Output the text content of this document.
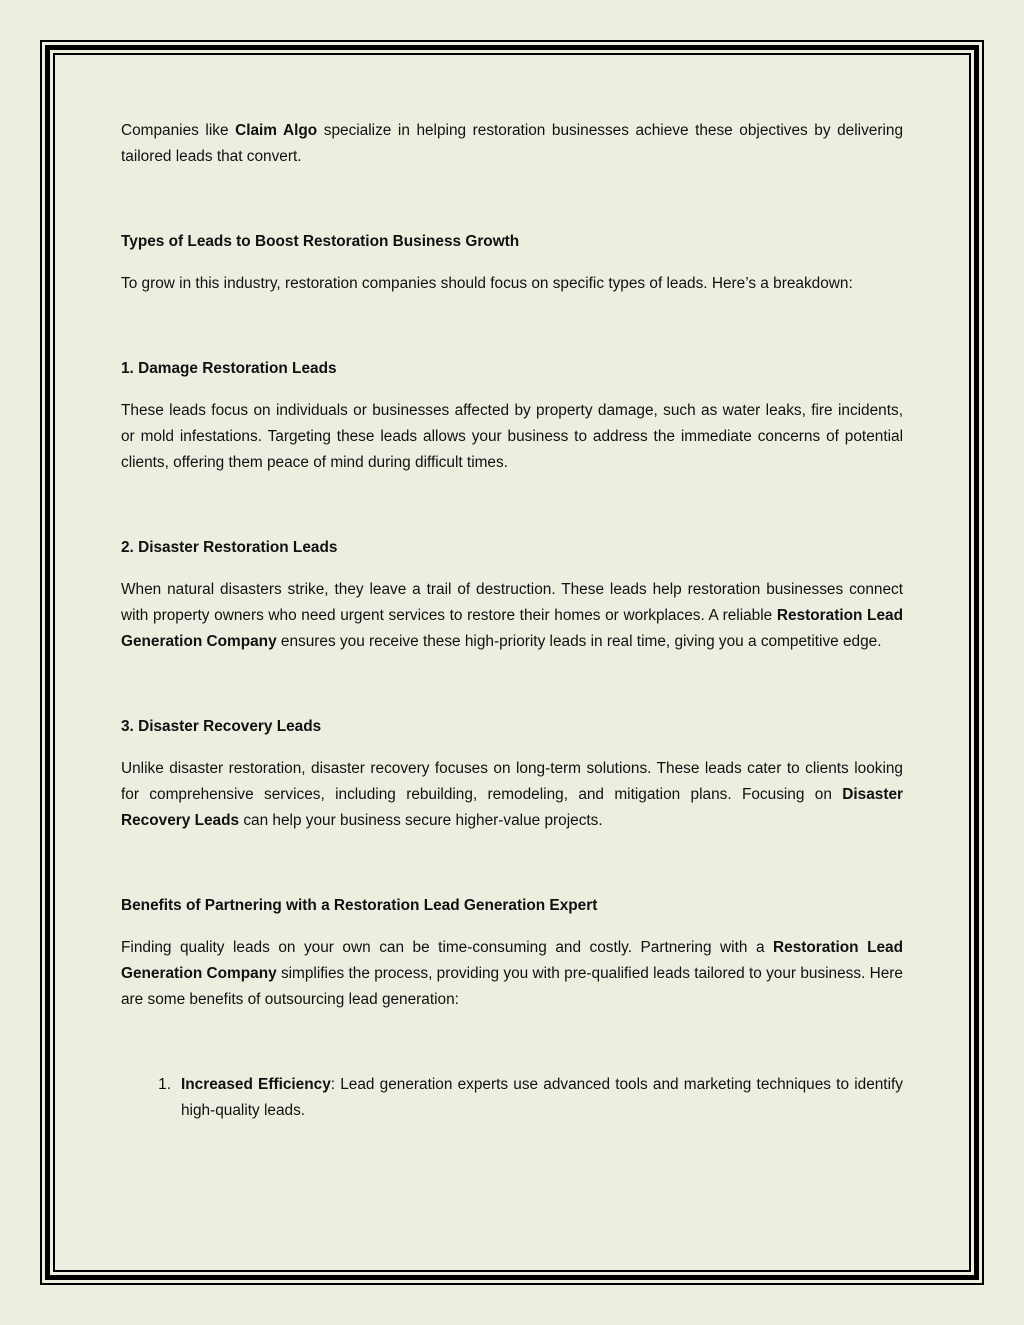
Companies like Claim Algo specialize in helping restoration businesses achieve these objectives by delivering tailored leads that convert.

Types of Leads to Boost Restoration Business Growth

To grow in this industry, restoration companies should focus on specific types of leads. Here’s a breakdown:

1. Damage Restoration Leads

These leads focus on individuals or businesses affected by property damage, such as water leaks, fire incidents, or mold infestations. Targeting these leads allows your business to address the immediate concerns of potential clients, offering them peace of mind during difficult times.

2. Disaster Restoration Leads

When natural disasters strike, they leave a trail of destruction. These leads help restoration businesses connect with property owners who need urgent services to restore their homes or workplaces. A reliable Restoration Lead Generation Company ensures you receive these high-priority leads in real time, giving you a competitive edge.

3. Disaster Recovery Leads

Unlike disaster restoration, disaster recovery focuses on long-term solutions. These leads cater to clients looking for comprehensive services, including rebuilding, remodeling, and mitigation plans. Focusing on Disaster Recovery Leads can help your business secure higher-value projects.

Benefits of Partnering with a Restoration Lead Generation Expert

Finding quality leads on your own can be time-consuming and costly. Partnering with a Restoration Lead Generation Company simplifies the process, providing you with pre-qualified leads tailored to your business. Here are some benefits of outsourcing lead generation:

1. Increased Efficiency: Lead generation experts use advanced tools and marketing techniques to identify high-quality leads.
